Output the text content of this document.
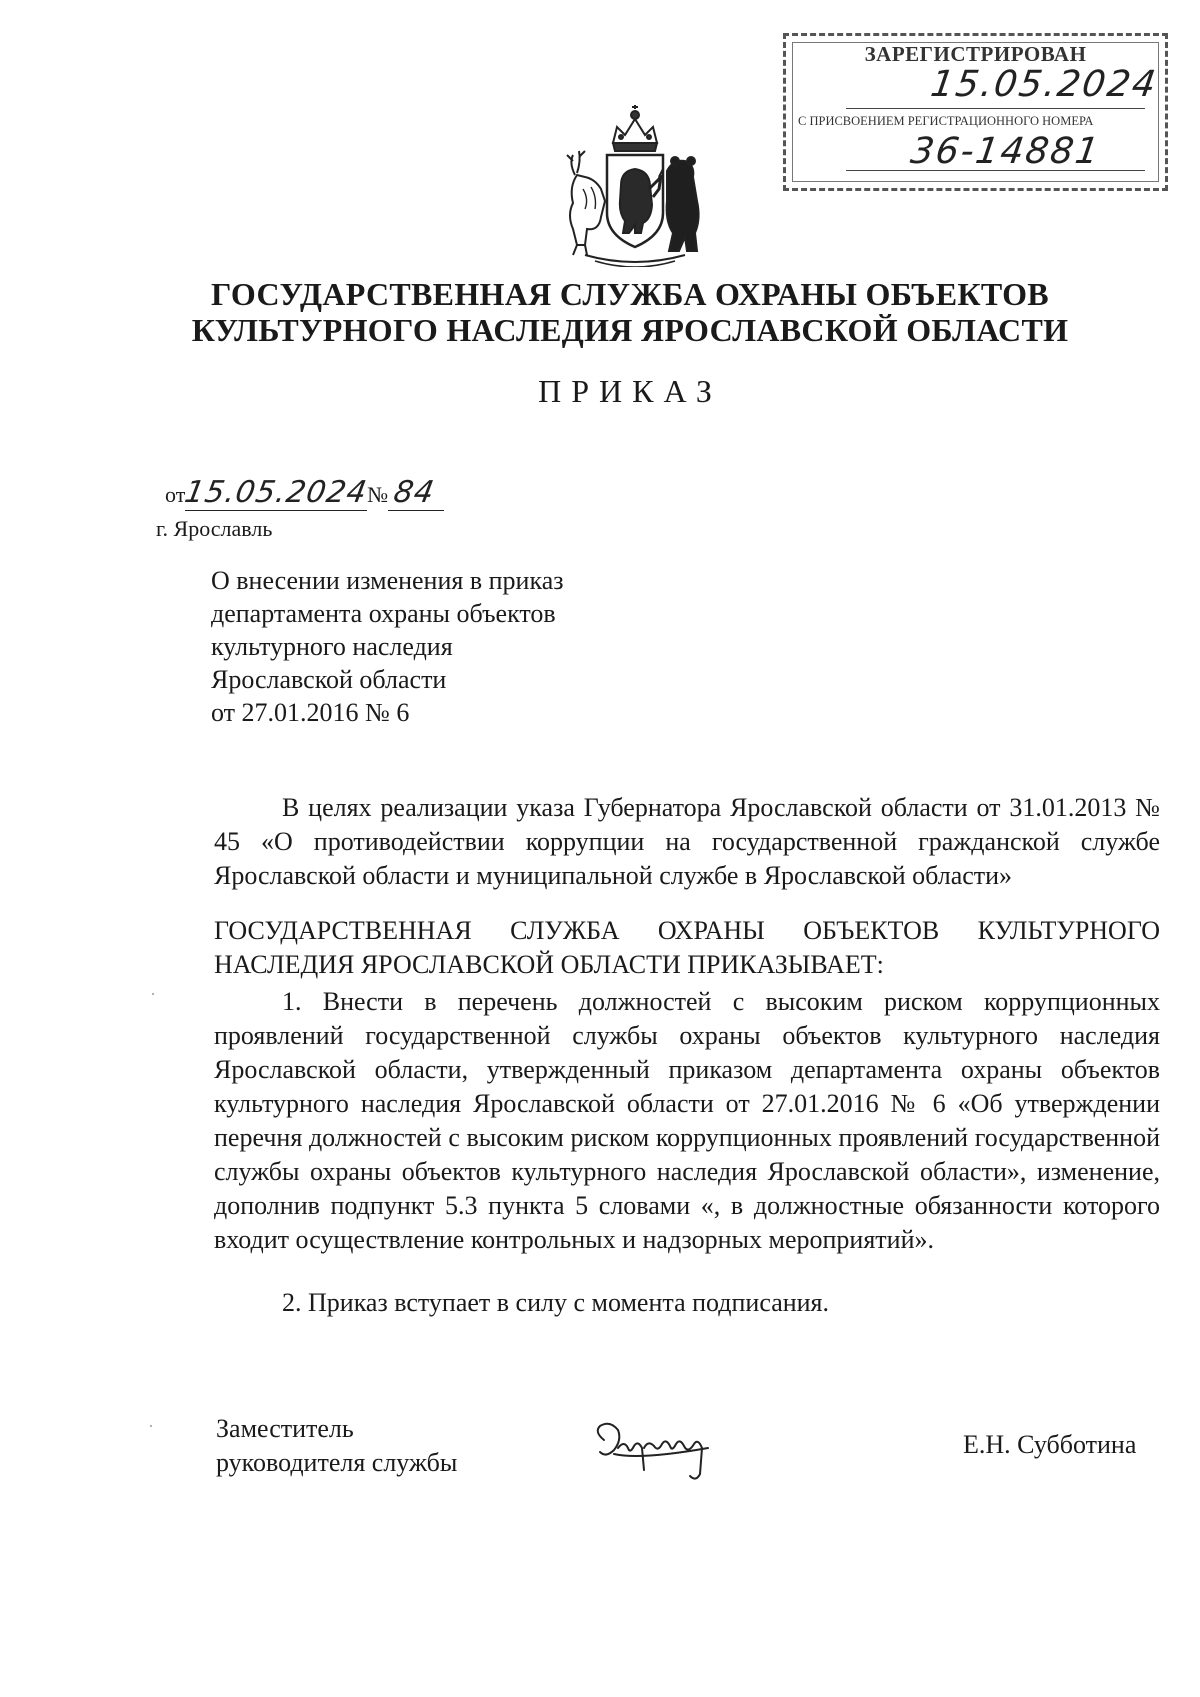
ЗАРЕГИСТРИРОВАН
15.05.2024
С ПРИСВОЕНИЕМ РЕГИСТРАЦИОННОГО НОМЕРА
36-14881
ГОСУДАРСТВЕННАЯ СЛУЖБА ОХРАНЫ ОБЪЕКТОВ
КУЛЬТУРНОГО НАСЛЕДИЯ ЯРОСЛАВСКОЙ ОБЛАСТИ
ПРИКАЗ
от15.05.2024№ 84
г. Ярославль
О внесении изменения в приказ
департамента охраны объектов
культурного наследия
Ярославской области
от 27.01.2016 № 6

В целях реализации указа Губернатора Ярославской области от 31.01.2013 № 45 «О противодействии коррупции на государственной гражданской службе Ярославской области и муниципальной службе в Ярославской области»

ГОСУДАРСТВЕННАЯ СЛУЖБА ОХРАНЫ ОБЪЕКТОВ КУЛЬТУРНОГО

НАСЛЕДИЯ ЯРОСЛАВСКОЙ ОБЛАСТИ ПРИКАЗЫВАЕТ:

1. Внести в перечень должностей с высоким риском коррупционных проявлений государственной службы охраны объектов культурного наследия Ярославской области, утвержденный приказом департамента охраны объектов культурного наследия Ярославской области от 27.01.2016 № 6 «Об утверждении перечня должностей с высоким риском коррупционных проявлений государственной службы охраны объектов культурного наследия Ярославской области», изменение, дополнив подпункт 5.3 пункта 5 словами «, в должностные обязанности которого входит осуществление контрольных и надзорных мероприятий».

2. Приказ вступает в силу с момента подписания.

Заместитель
руководителя службы
Е.Н. Субботина
